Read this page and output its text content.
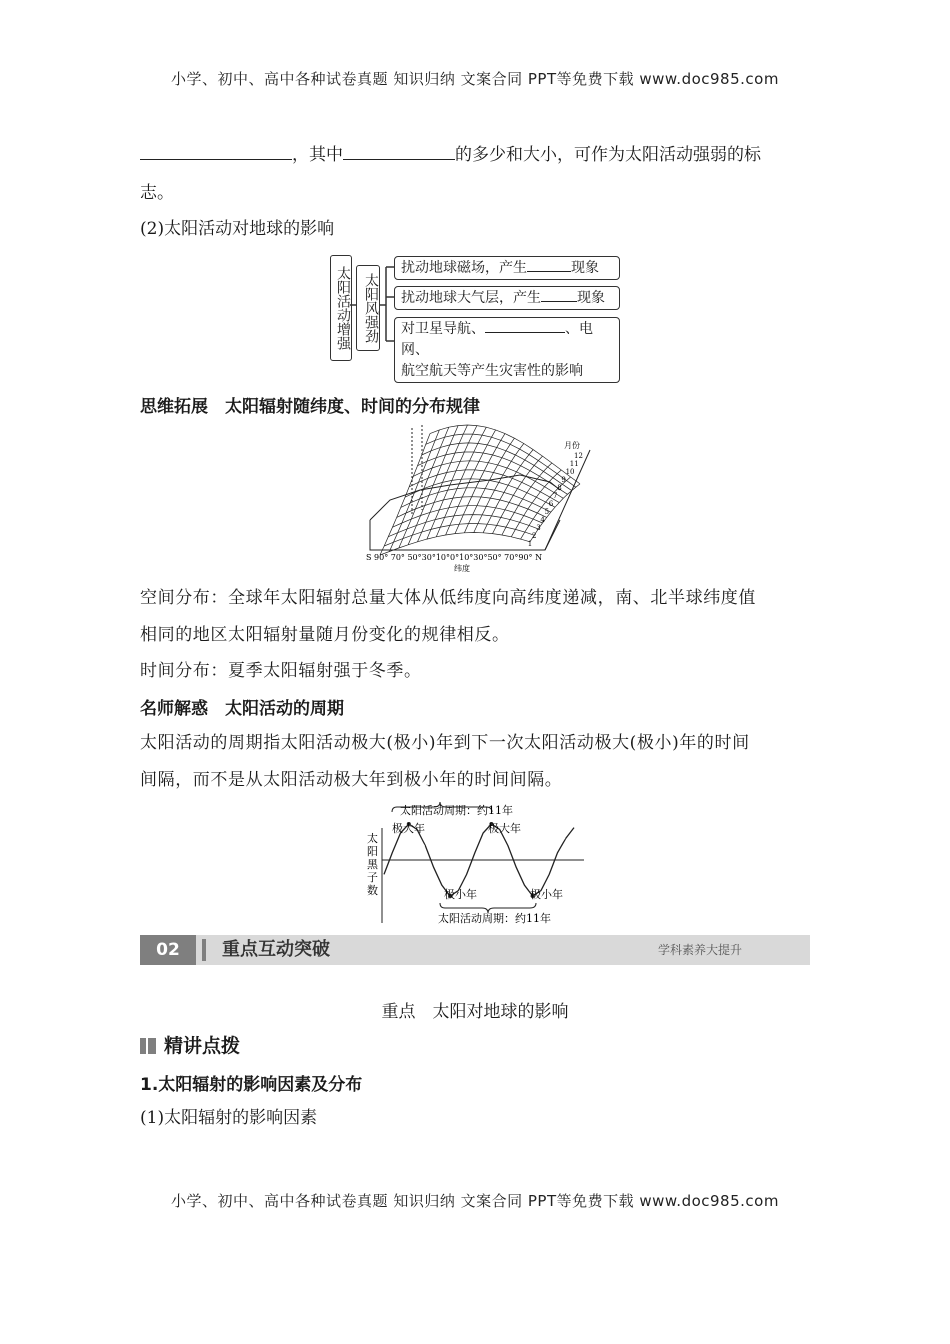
小学、初中、高中各种试卷真题 知识归纳 文案合同 PPT等免费下载 www.doc985.com
，其中	的多少和大小，可作为太阳活动强弱的标
志。
(2)太阳活动对地球的影响
太阳活动增强 太阳风强劲
扰动地球磁场，产生	现象
扰动地球大气层，产生	现象
对卫星导航、	、电网、
航空航天等产生灾害性的影响
思维拓展　太阳辐射随纬度、时间的分布规律
月份
12
11
10
9
8
7
6
5
4
3
2
1
S 90° 70° 50°30°10°0°10°30°50° 70°90° N
纬度
空间分布：全球年太阳辐射总量大体从低纬度向高纬度递减，南、北半球纬度值
相同的地区太阳辐射量随月份变化的规律相反。
时间分布：夏季太阳辐射强于冬季。
名师解惑　太阳活动的周期
太阳活动的周期指太阳活动极大(极小)年到下一次太阳活动极大(极小)年的时间
间隔，而不是从太阳活动极大年到极小年的时间间隔。
太阳活动周期：约11年
太阳活动周期：约11年
极大年	极大年
极小年	极小年
太阳黑子数
02	重点互动突破	学科素养大提升
重点　太阳对地球的影响
精讲点拨
1.太阳辐射的影响因素及分布
(1)太阳辐射的影响因素
小学、初中、高中各种试卷真题 知识归纳 文案合同 PPT等免费下载 www.doc985.com
